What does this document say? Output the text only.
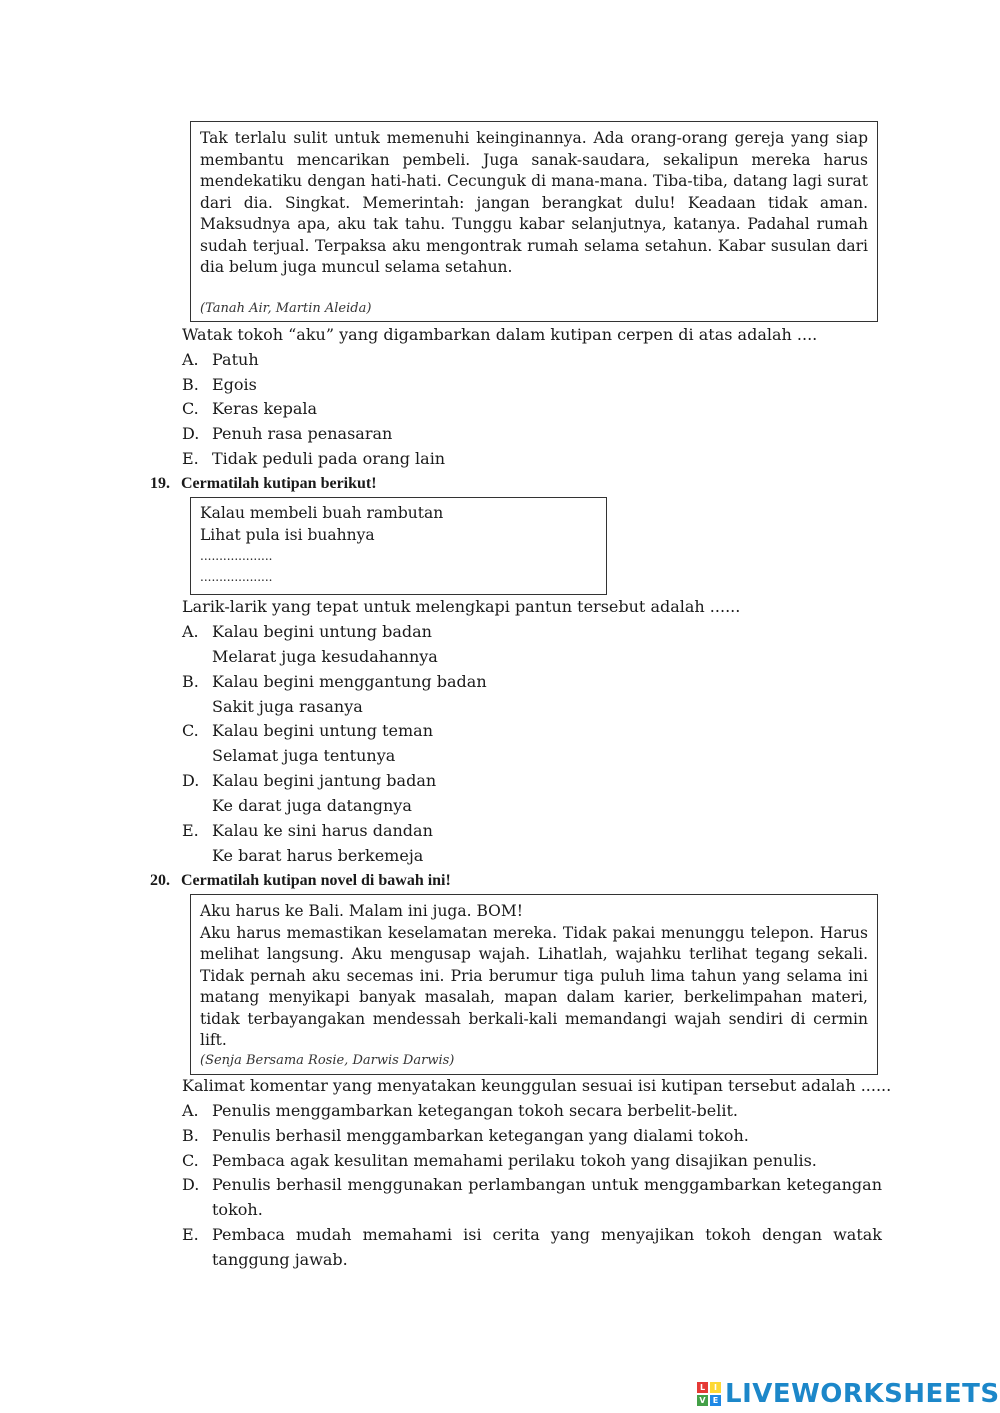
Tak terlalu sulit untuk memenuhi keinginannya. Ada orang-orang gereja yang siap membantu mencarikan pembeli. Juga sanak-saudara, sekalipun mereka harus mendekatiku dengan hati-hati. Cecunguk di mana-mana. Tiba-tiba, datang lagi surat dari dia. Singkat. Memerintah: jangan berangkat dulu! Keadaan tidak aman. Maksudnya apa, aku tak tahu. Tunggu kabar selanjutnya, katanya. Padahal rumah sudah terjual. Terpaksa aku mengontrak rumah selama setahun. Kabar susulan dari dia belum juga muncul selama setahun.

(Tanah Air, Martin Aleida)
Watak tokoh “aku” yang digambarkan dalam kutipan cerpen di atas adalah ....
A. Patuh
B. Egois
C. Keras kepala
D. Penuh rasa penasaran
E. Tidak peduli pada orang lain
19. Cermatilah kutipan berikut!
Kalau membeli buah rambutan
Lihat pula isi buahnya
...................
...................
Larik-larik yang tepat untuk melengkapi pantun tersebut adalah ......
A. Kalau begini untung badan
Melarat juga kesudahannya
B. Kalau begini menggantung badan
Sakit juga rasanya
C. Kalau begini untung teman
Selamat juga tentunya
D. Kalau begini jantung badan
Ke darat juga datangnya
E. Kalau ke sini harus dandan
Ke barat harus berkemeja
20. Cermatilah kutipan novel di bawah ini!

Aku harus ke Bali. Malam ini juga. BOM!

Aku harus memastikan keselamatan mereka. Tidak pakai menunggu telepon. Harus melihat langsung. Aku mengusap wajah. Lihatlah, wajahku terlihat tegang sekali. Tidak pernah aku secemas ini. Pria berumur tiga puluh lima tahun yang selama ini matang menyikapi banyak masalah, mapan dalam karier, berkelimpahan materi, tidak terbayangakan mendessah berkali-kali memandangi wajah sendiri di cermin lift.

(Senja Bersama Rosie, Darwis Darwis)
Kalimat komentar yang menyatakan keunggulan sesuai isi kutipan tersebut adalah ......
A. Penulis menggambarkan ketegangan tokoh secara berbelit-belit.
B. Penulis berhasil menggambarkan ketegangan yang dialami tokoh.
C. Pembaca agak kesulitan memahami perilaku tokoh yang disajikan penulis.
D. Penulis berhasil menggunakan perlambangan untuk menggambarkan ketegangan tokoh.
E. Pembaca mudah memahami isi cerita yang menyajikan tokoh dengan watak tanggung jawab.
L	I
V E LIVEWORKSHEETS
